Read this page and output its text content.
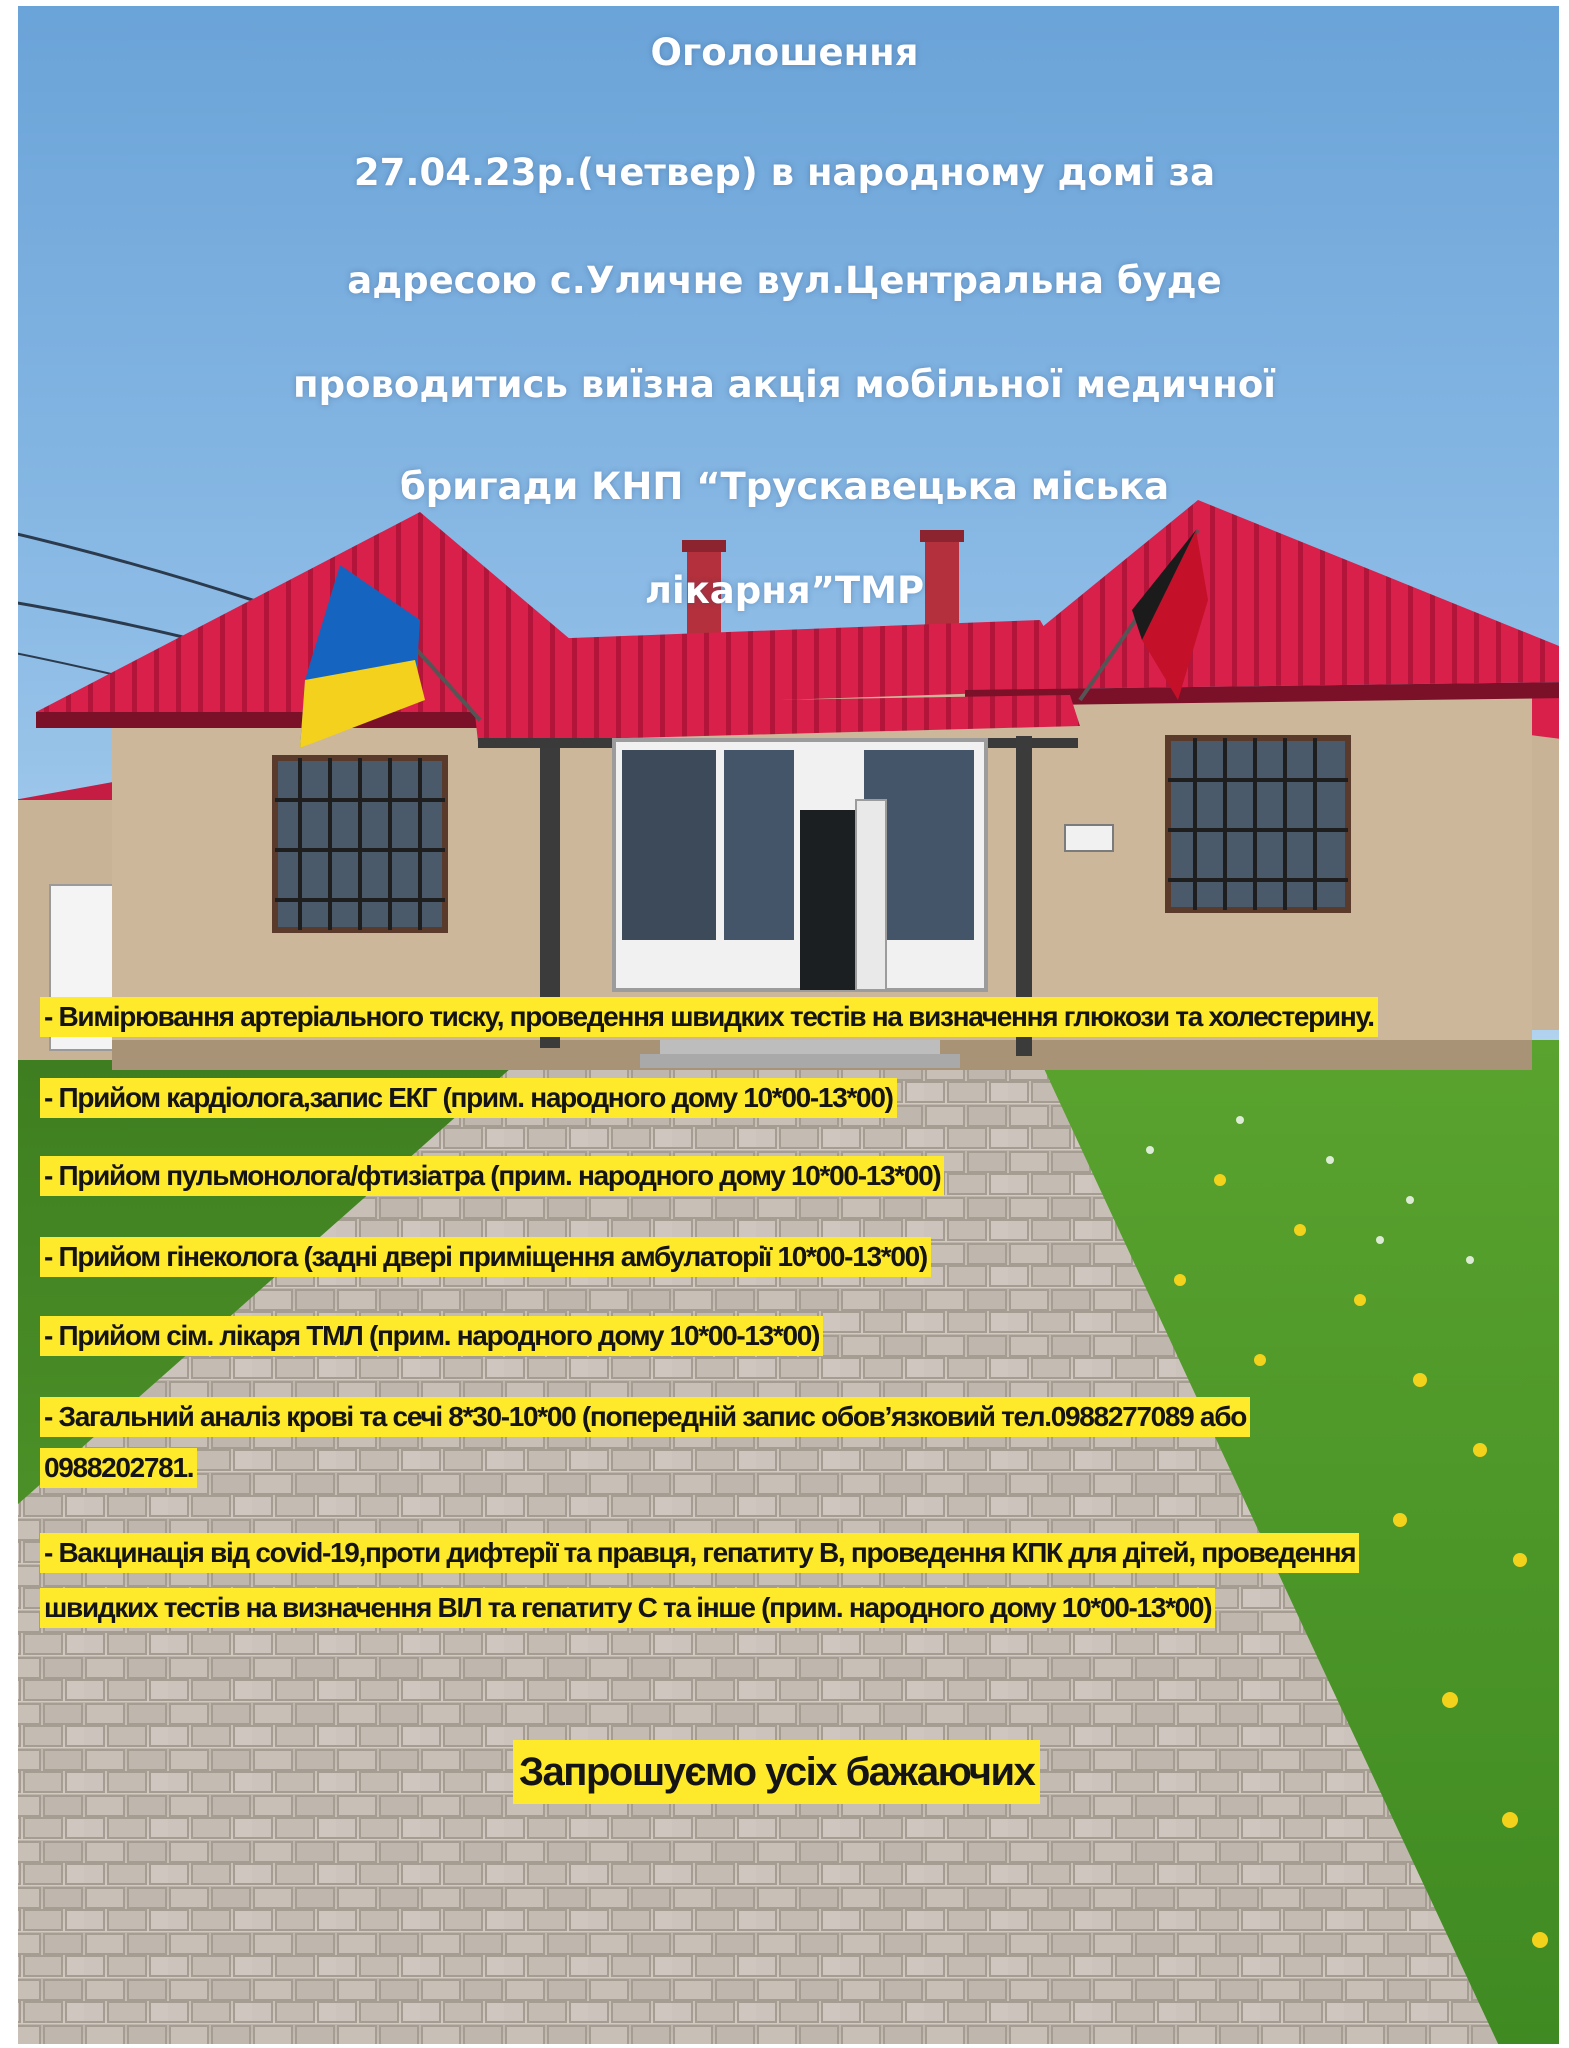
Оголошення
27.04.23р.(четвер) в народному домі за
адресою с.Уличне вул.Центральна буде
проводитись виїзна акція мобільної медичної
бригади КНП “Трускавецька міська
лікарня”ТМР
- Вимірювання артеріального тиску, проведення швидких тестів на визначення глюкози та холестерину.
- Прийом кардіолога,запис ЕКГ (прим. народного дому 10*00-13*00)
- Прийом пульмонолога/фтизіатра (прим. народного дому 10*00-13*00)
- Прийом гінеколога (задні двері приміщення амбулаторії 10*00-13*00)
- Прийом сім. лікаря ТМЛ (прим. народного дому 10*00-13*00)
- Загальний аналіз крові та сечі 8*30-10*00 (попередній запис обов’язковий тел.0988277089 або
0988202781.
- Вакцинація від covid-19,проти дифтерії та правця, гепатиту В, проведення КПК для дітей, проведення
швидких тестів на визначення ВІЛ та гепатиту С та інше (прим. народного дому 10*00-13*00)
Запрошуємо усіх бажаючих
